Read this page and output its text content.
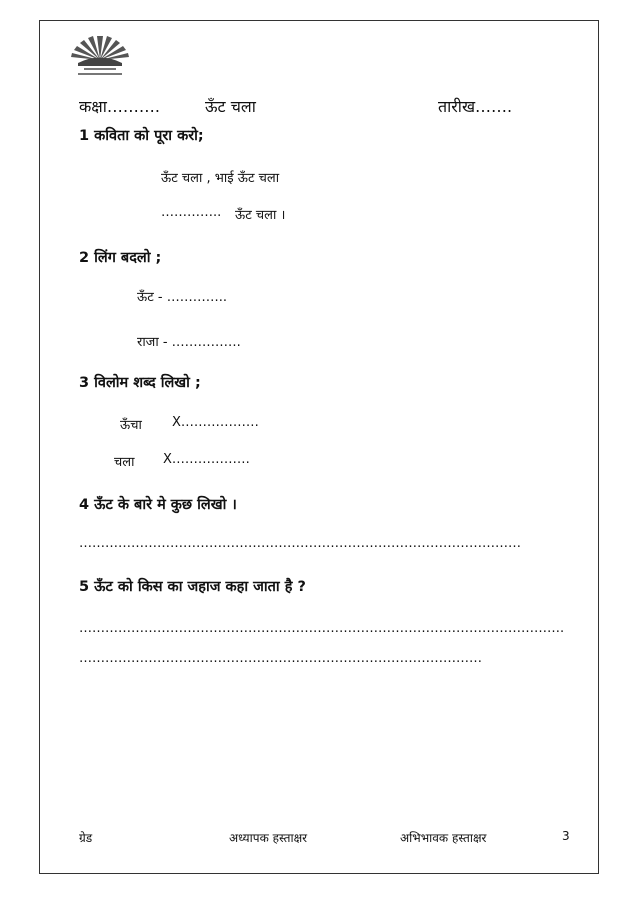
कक्षा……….	ऊँट चला	तारीख…….
1 कविता को पूरा करो;
ऊँट चला , भाई ऊँट चला
………….. ऊँट चला ।
2 लिंग बदलो ;
ऊँट - …………..
राजा - …………….
3 विलोम शब्द लिखो ;
ऊँचा X………………
चला X………………
4 ऊँट के बारे मे कुछ लिखो ।
…………………………………………………………………………………………
5 ऊँट को किस का जहाज कहा जाता है ?
………………………………………………………………………………………………….
…………………………………………………………………………………
ग्रेड	अध्यापक हस्ताक्षर	अभिभावक हस्ताक्षर	3
